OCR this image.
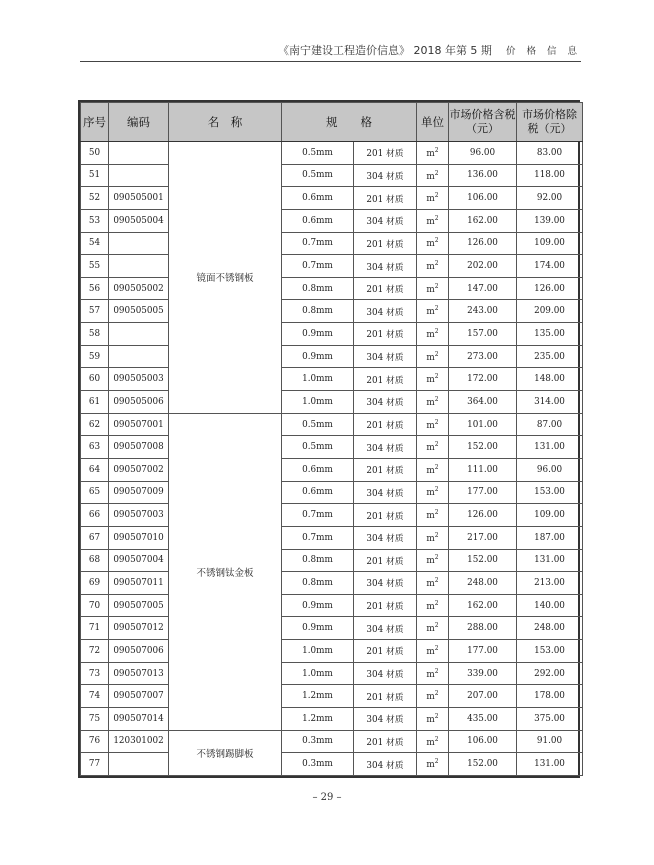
《南宁建设工程造价信息》 2018 年第 5 期 价 格 信 息
序号	编码	名　称	规　　格		单位	市场价格含税（元）	市场价格除税（元）
50		镜面不锈钢板	0.5mm	201 材质	$m^2$	96.00	83.00
51			0.5mm	304 材质	$m^2$	136.00	118.00
52	090505001		0.6mm	201 材质	$m^2$	106.00	92.00
53	090505004		0.6mm	304 材质	$m^2$	162.00	139.00
54			0.7mm	201 材质	$m^2$	126.00	109.00
55			0.7mm	304 材质	$m^2$	202.00	174.00
56	090505002		0.8mm	201 材质	$m^2$	147.00	126.00
57	090505005		0.8mm	304 材质	$m^2$	243.00	209.00
58			0.9mm	201 材质	$m^2$	157.00	135.00
59			0.9mm	304 材质	$m^2$	273.00	235.00
60	090505003		1.0mm	201 材质	$m^2$	172.00	148.00
61	090505006		1.0mm	304 材质	$m^2$	364.00	314.00
62	090507001	不锈钢钛金板	0.5mm	201 材质	$m^2$	101.00	87.00
63	090507008		0.5mm	304 材质	$m^2$	152.00	131.00
64	090507002		0.6mm	201 材质	$m^2$	111.00	96.00
65	090507009		0.6mm	304 材质	$m^2$	177.00	153.00
66	090507003		0.7mm	201 材质	$m^2$	126.00	109.00
67	090507010		0.7mm	304 材质	$m^2$	217.00	187.00
68	090507004		0.8mm	201 材质	$m^2$	152.00	131.00
69	090507011		0.8mm	304 材质	$m^2$	248.00	213.00
70	090507005		0.9mm	201 材质	$m^2$	162.00	140.00
71	090507012		0.9mm	304 材质	$m^2$	288.00	248.00
72	090507006		1.0mm	201 材质	$m^2$	177.00	153.00
73	090507013		1.0mm	304 材质	$m^2$	339.00	292.00
74	090507007		1.2mm	201 材质	$m^2$	207.00	178.00
75	090507014		1.2mm	304 材质	$m^2$	435.00	375.00
76	120301002	不锈钢踢脚板	0.3mm	201 材质	$m^2$	106.00	91.00
77			0.3mm	304 材质	$m^2$	152.00	131.00
– 29 –
